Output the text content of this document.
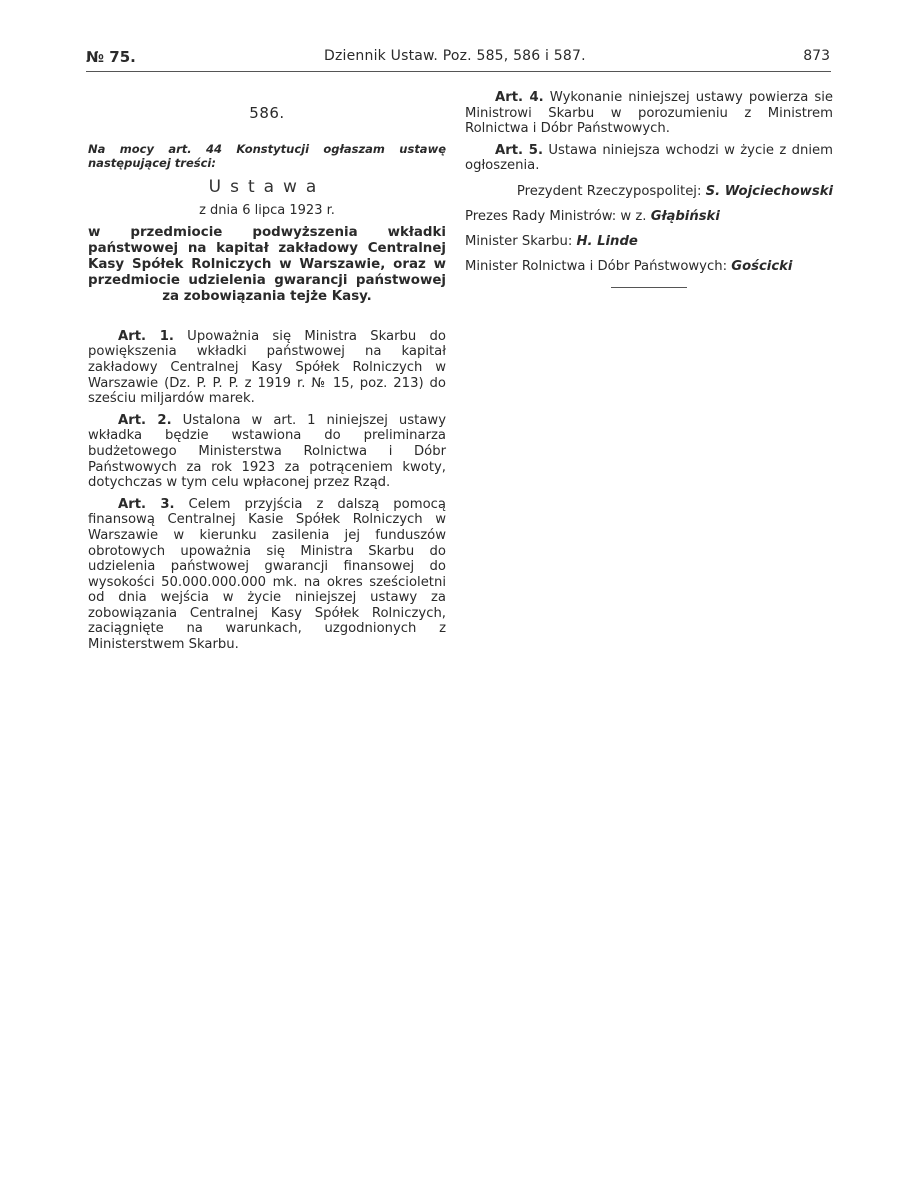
№ 75.	Dziennik Ustaw. Poz. 585, 586 i 587.	873
586.
Na mocy art. 44 Konstytucji ogłaszam ustawę następującej treści:
Ustawa
z dnia 6 lipca 1923 r.
w przedmiocie podwyższenia wkładki państwowej na kapitał zakładowy Centralnej Kasy Spółek Rolniczych w Warszawie, oraz w przedmiocie udzielenia gwarancji państwowej za zobowiązania tejże Kasy.

Art. 1. Upoważnia się Ministra Skarbu do powiększenia wkładki państwowej na kapitał zakładowy Centralnej Kasy Spółek Rolniczych w Warszawie (Dz. P. P. P. z 1919 r. № 15, poz. 213) do sześciu miljardów marek.

Art. 2. Ustalona w art. 1 niniejszej ustawy wkładka będzie wstawiona do preliminarza budżetowego Ministerstwa Rolnictwa i Dóbr Państwowych za rok 1923 za potrąceniem kwoty, dotychczas w tym celu wpłaconej przez Rząd.

Art. 3. Celem przyjścia z dalszą pomocą finansową Centralnej Kasie Spółek Rolniczych w Warszawie w kierunku zasilenia jej funduszów obrotowych upoważnia się Ministra Skarbu do udzielenia państwowej gwarancji finansowej do wysokości 50.000.000.000 mk. na okres sześcioletni od dnia wejścia w życie niniejszej ustawy za zobowiązania Centralnej Kasy Spółek Rolniczych, zaciągnięte na warunkach, uzgodnionych z Ministerstwem Skarbu.

Art. 4. Wykonanie niniejszej ustawy powierza sie Ministrowi Skarbu w porozumieniu z Ministrem Rolnictwa i Dóbr Państwowych.

Art. 5. Ustawa niniejsza wchodzi w życie z dniem ogłoszenia.

Prezydent Rzeczypospolitej: S. Wojciechowski
Prezes Rady Ministrów: w z. Głąbiński
Minister Skarbu: H. Linde
Minister Rolnictwa i Dóbr Państwowych: Gościcki
